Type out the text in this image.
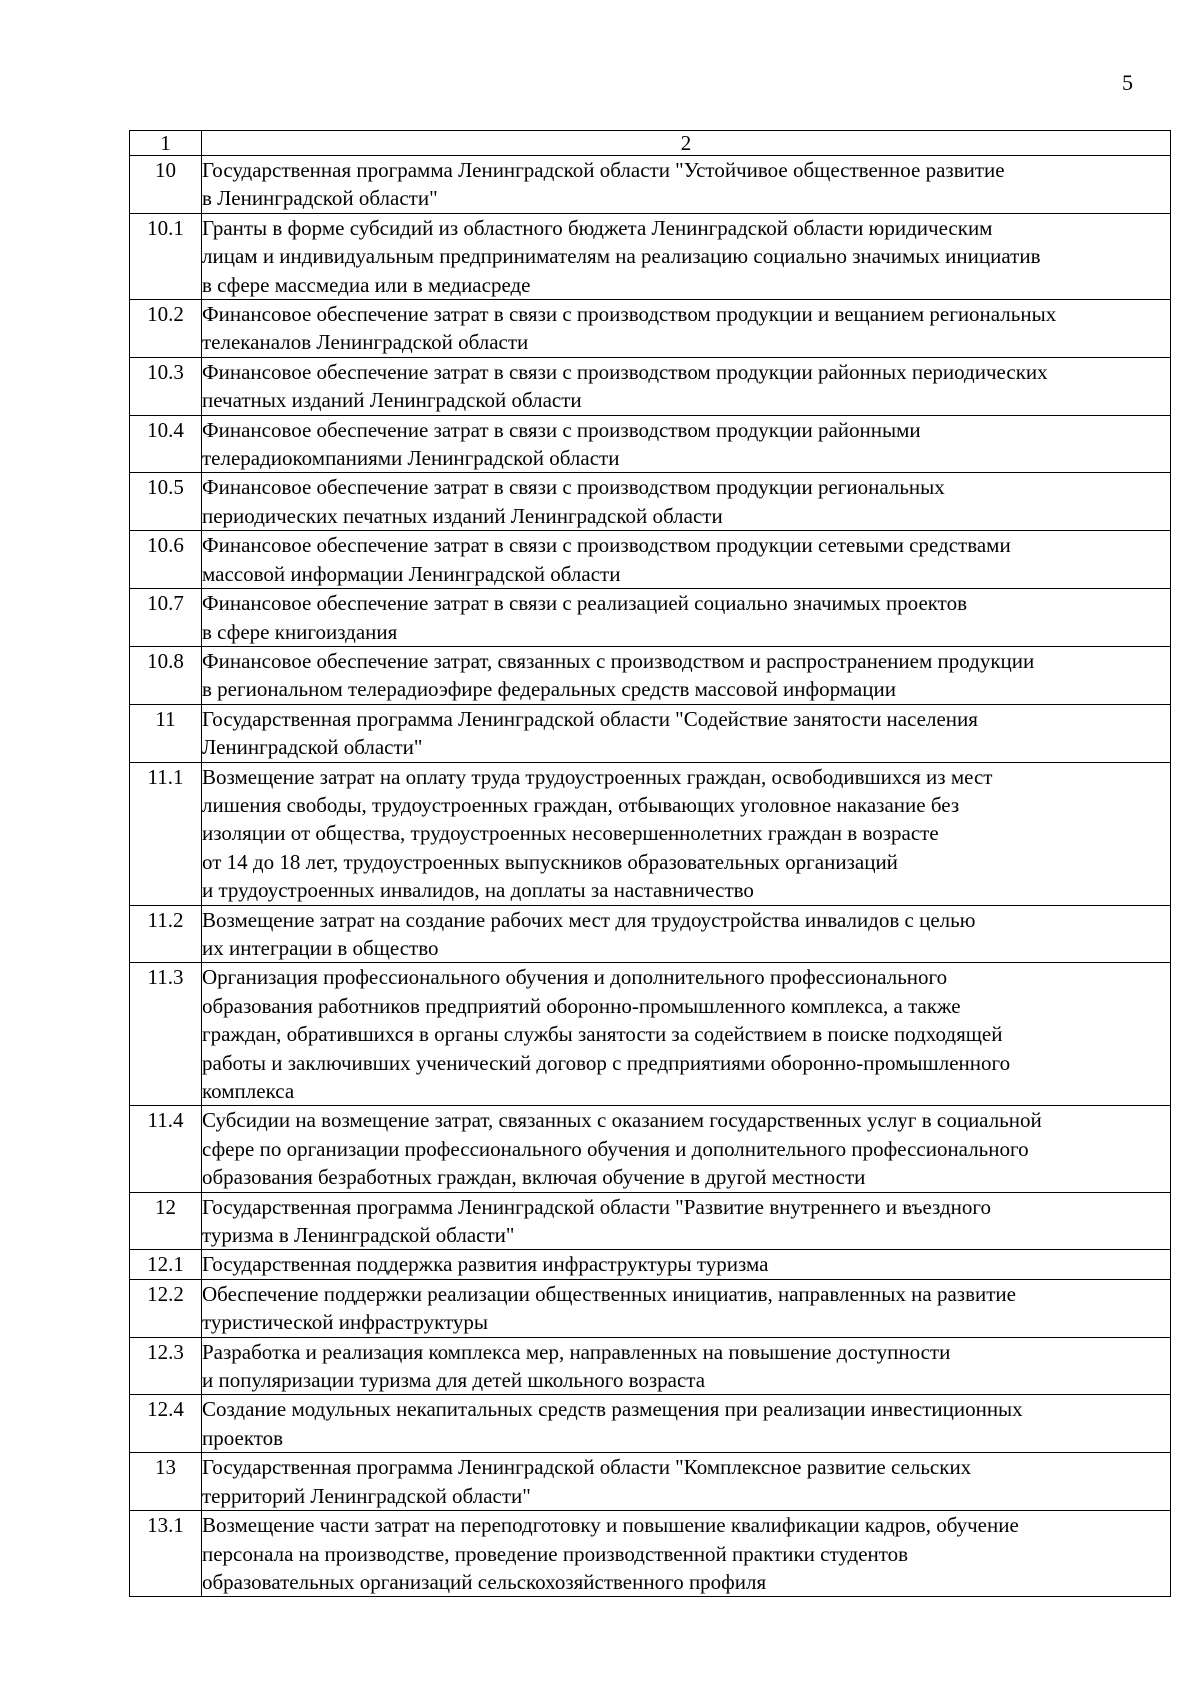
5
1	2
10	Государственная программа Ленинградской области "Устойчивое общественное развитие
в Ленинградской области"

10.1	Гранты в форме субсидий из областного бюджета Ленинградской области юридическим
лицам и индивидуальным предпринимателям на реализацию социально значимых инициатив
в сфере массмедиа или в медиасреде

10.2	Финансовое обеспечение затрат в связи с производством продукции и вещанием региональных
телеканалов Ленинградской области

10.3	Финансовое обеспечение затрат в связи с производством продукции районных периодических
печатных изданий Ленинградской области

10.4	Финансовое обеспечение затрат в связи с производством продукции районными
телерадиокомпаниями Ленинградской области

10.5	Финансовое обеспечение затрат в связи с производством продукции региональных
периодических печатных изданий Ленинградской области

10.6	Финансовое обеспечение затрат в связи с производством продукции сетевыми средствами
массовой информации Ленинградской области

10.7	Финансовое обеспечение затрат в связи с реализацией социально значимых проектов
в сфере книгоиздания

10.8	Финансовое обеспечение затрат, связанных с производством и распространением продукции
в региональном телерадиоэфире федеральных средств массовой информации

11	Государственная программа Ленинградской области "Содействие занятости населения
Ленинградской области"

11.1	Возмещение затрат на оплату труда трудоустроенных граждан, освободившихся из мест
лишения свободы, трудоустроенных граждан, отбывающих уголовное наказание без
изоляции от общества, трудоустроенных несовершеннолетних граждан в возрасте
от 14 до 18 лет, трудоустроенных выпускников образовательных организаций
и трудоустроенных инвалидов, на доплаты за наставничество

11.2	Возмещение затрат на создание рабочих мест для трудоустройства инвалидов с целью
их интеграции в общество

11.3	Организация профессионального обучения и дополнительного профессионального
образования работников предприятий оборонно-промышленного комплекса, а также
граждан, обратившихся в органы службы занятости за содействием в поиске подходящей
работы и заключивших ученический договор с предприятиями оборонно-промышленного
комплекса

11.4	Субсидии на возмещение затрат, связанных с оказанием государственных услуг в социальной
сфере по организации профессионального обучения и дополнительного профессионального
образования безработных граждан, включая обучение в другой местности

12	Государственная программа Ленинградской области "Развитие внутреннего и въездного
туризма в Ленинградской области"

12.1	Государственная поддержка развития инфраструктуры туризма

12.2	Обеспечение поддержки реализации общественных инициатив, направленных на развитие
туристической инфраструктуры

12.3	Разработка и реализация комплекса мер, направленных на повышение доступности
и популяризации туризма для детей школьного возраста

12.4	Создание модульных некапитальных средств размещения при реализации инвестиционных
проектов

13	Государственная программа Ленинградской области "Комплексное развитие сельских
территорий Ленинградской области"

13.1	Возмещение части затрат на переподготовку и повышение квалификации кадров, обучение
персонала на производстве, проведение производственной практики студентов
образовательных организаций сельскохозяйственного профиля
